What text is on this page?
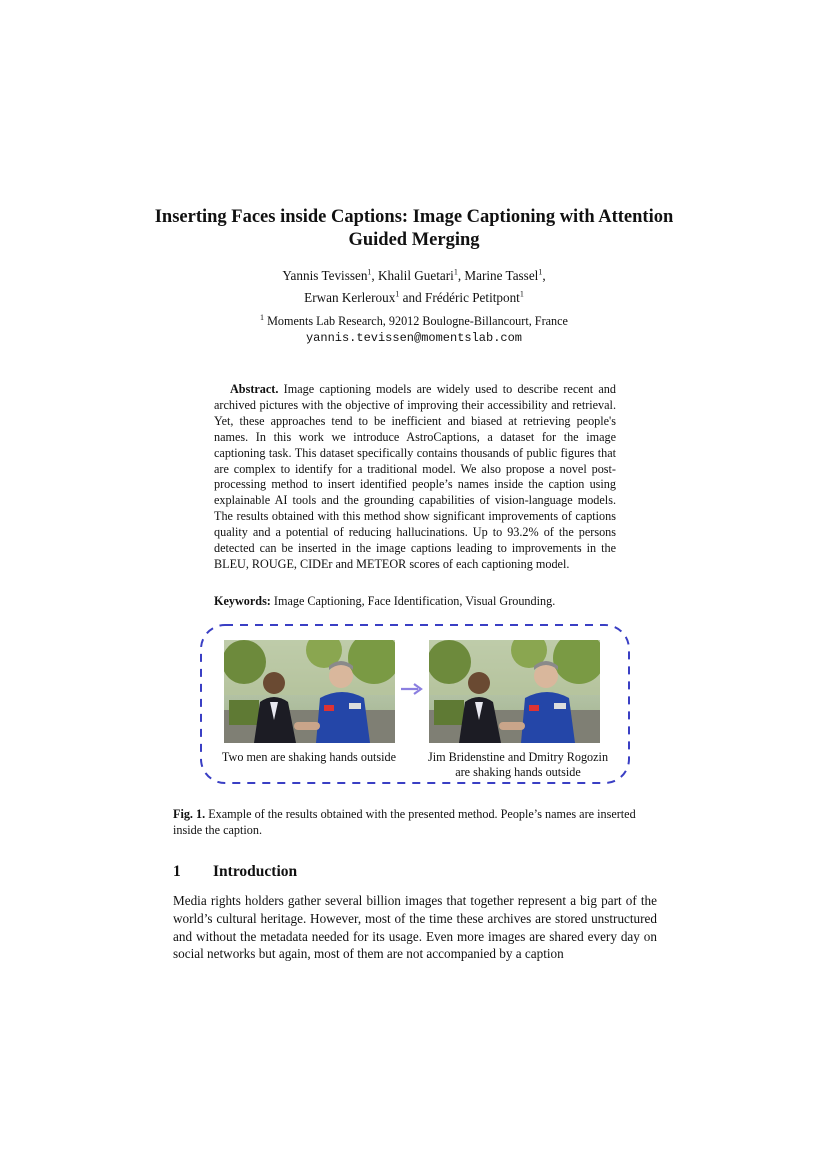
Inserting Faces inside Captions: Image Captioning with Attention Guided Merging
Yannis Tevissen$^1$, Khalil Guetari$^1$, Marine Tassel$^1$,
Erwan Kerleroux$^1$ and Frédéric Petitpont$^1$
$^1$ Moments Lab Research, 92012 Boulogne-Billancourt, France
yannis.tevissen@momentslab.com
Abstract. Image captioning models are widely used to describe recent and archived pictures with the objective of improving their accessibility and retrieval. Yet, these approaches tend to be inefficient and biased at retrieving people's names. In this work we introduce AstroCaptions, a dataset for the image captioning task. This dataset specifically contains thousands of public figures that are complex to identify for a traditional model. We also propose a novel post-processing method to insert identified people’s names inside the caption using explainable AI tools and the grounding capabilities of vision-language models. The results obtained with this method show significant improvements of captions quality and a potential of reducing hallucinations. Up to 93.2% of the persons detected can be inserted in the image captions leading to improvements in the BLEU, ROUGE, CIDEr and METEOR scores of each captioning model.
Keywords: Image Captioning, Face Identification, Visual Grounding.
Two men are shaking hands outside	Jim Bridenstine and Dmitry Rogozin are shaking hands outside
Fig. 1. Example of the results obtained with the presented method. People’s names are inserted inside the caption.
1 Introduction
Media rights holders gather several billion images that together represent a big part of the world’s cultural heritage. However, most of the time these archives are stored unstructured and without the metadata needed for its usage. Even more images are shared every day on social networks but again, most of them are not accompanied by a caption
